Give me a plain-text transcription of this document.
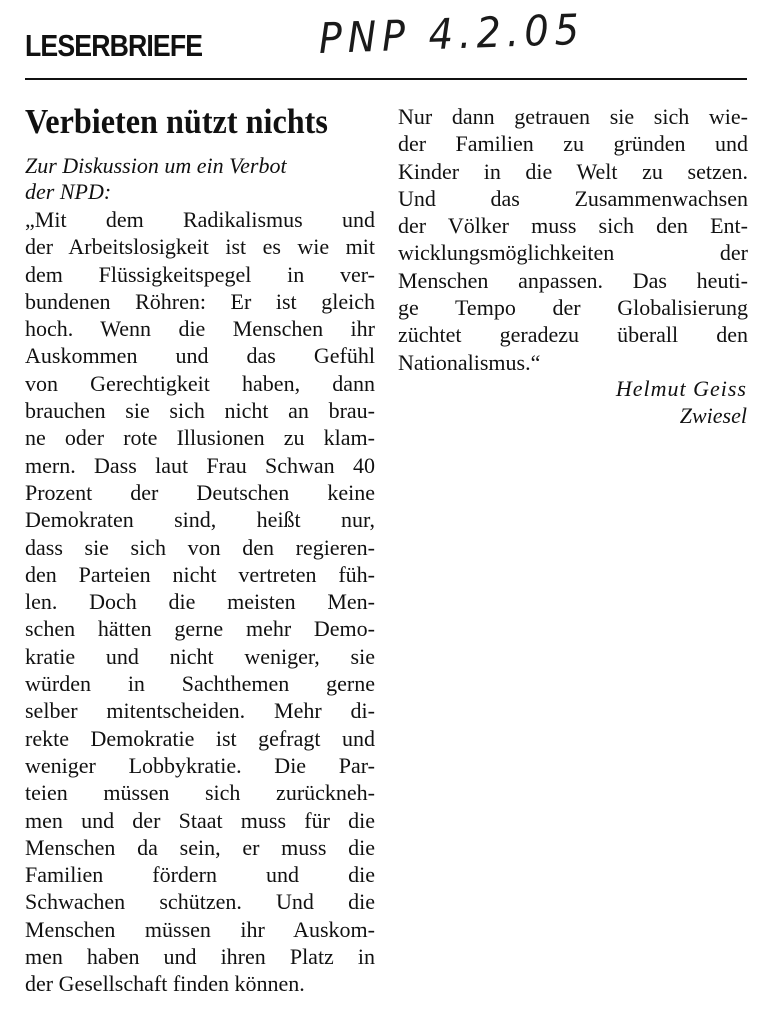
LESERBRIEFE	PNP 4.2.05
Verbieten nützt nichts
Zur Diskussion um ein Verbot
der NPD:
„Mit dem Radikalismus und
der Arbeitslosigkeit ist es wie mit
dem Flüssigkeitspegel in ver-
bundenen Röhren: Er ist gleich
hoch. Wenn die Menschen ihr
Auskommen und das Gefühl
von Gerechtigkeit haben, dann
brauchen sie sich nicht an brau-
ne oder rote Illusionen zu klam-
mern. Dass laut Frau Schwan 40
Prozent der Deutschen keine
Demokraten sind, heißt nur,
dass sie sich von den regieren-
den Parteien nicht vertreten füh-
len. Doch die meisten Men-
schen hätten gerne mehr Demo-
kratie und nicht weniger, sie
würden in Sachthemen gerne
selber mitentscheiden. Mehr di-
rekte Demokratie ist gefragt und
weniger Lobbykratie. Die Par-
teien müssen sich zurückneh-
men und der Staat muss für die
Menschen da sein, er muss die
Familien fördern und die
Schwachen schützen. Und die
Menschen müssen ihr Auskom-
men haben und ihren Platz in
der Gesellschaft finden können.
Nur dann getrauen sie sich wie-
der Familien zu gründen und
Kinder in die Welt zu setzen.
Und das Zusammenwachsen
der Völker muss sich den Ent-
wicklungsmöglichkeiten der
Menschen anpassen. Das heuti-
ge Tempo der Globalisierung
züchtet geradezu überall den
Nationalismus.“
Helmut Geiss
Zwiesel
